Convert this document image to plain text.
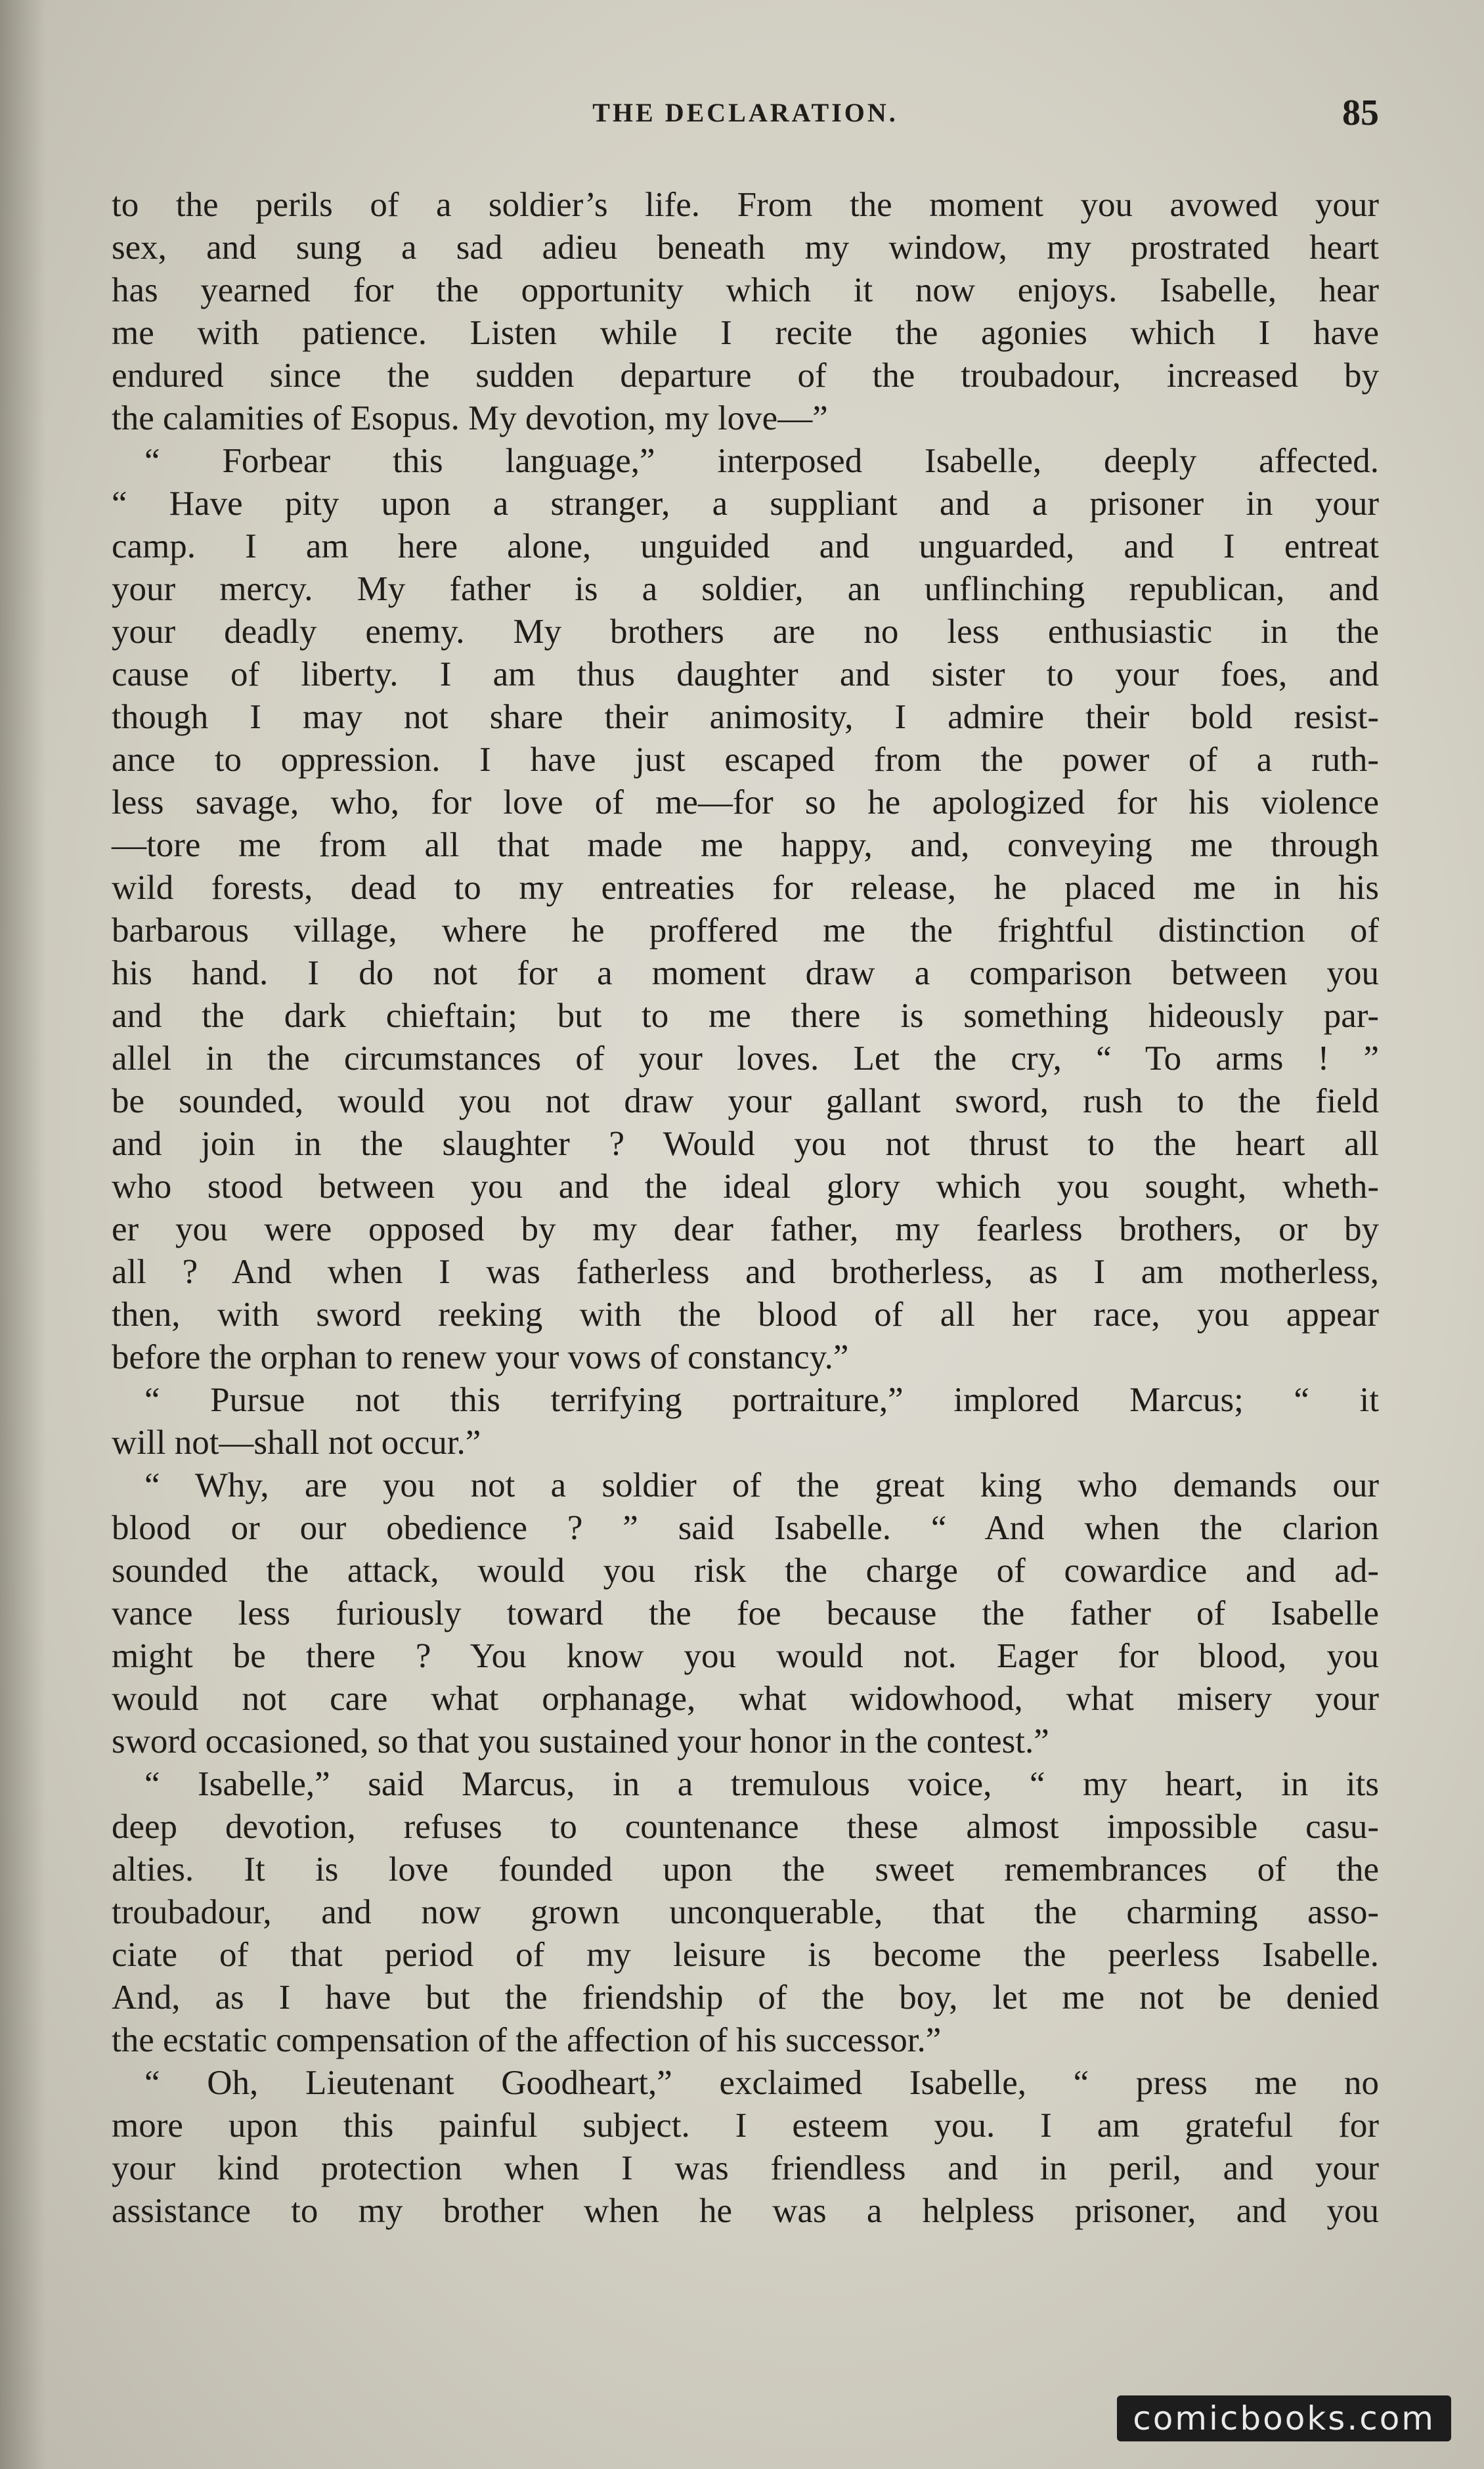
THE DECLARATION.	85

to the perils of a soldier’s life. From the moment you avowed your
sex, and sung a sad adieu beneath my window, my prostrated heart
has yearned for the opportunity which it now enjoys. Isabelle, hear
me with patience. Listen while I recite the agonies which I have
endured since the sudden departure of the troubadour, increased by
the calamities of Esopus. My devotion, my love—”

“ Forbear this language,” interposed Isabelle, deeply affected.
“ Have pity upon a stranger, a suppliant and a prisoner in your
camp. I am here alone, unguided and unguarded, and I entreat
your mercy. My father is a soldier, an unflinching republican, and
your deadly enemy. My brothers are no less enthusiastic in the
cause of liberty. I am thus daughter and sister to your foes, and
though I may not share their animosity, I admire their bold resist-
ance to oppression. I have just escaped from the power of a ruth-
less savage, who, for love of me—for so he apologized for his violence
—tore me from all that made me happy, and, conveying me through
wild forests, dead to my entreaties for release, he placed me in his
barbarous village, where he proffered me the frightful distinction of
his hand. I do not for a moment draw a comparison between you
and the dark chieftain; but to me there is something hideously par-
allel in the circumstances of your loves. Let the cry, “ To arms ! ”
be sounded, would you not draw your gallant sword, rush to the field
and join in the slaughter ? Would you not thrust to the heart all
who stood between you and the ideal glory which you sought, wheth-
er you were opposed by my dear father, my fearless brothers, or by
all ? And when I was fatherless and brotherless, as I am motherless,
then, with sword reeking with the blood of all her race, you appear
before the orphan to renew your vows of constancy.”

“ Pursue not this terrifying portraiture,” implored Marcus; “ it
will not—shall not occur.”

“ Why, are you not a soldier of the great king who demands our
blood or our obedience ? ” said Isabelle. “ And when the clarion
sounded the attack, would you risk the charge of cowardice and ad-
vance less furiously toward the foe because the father of Isabelle
might be there ? You know you would not. Eager for blood, you
would not care what orphanage, what widowhood, what misery your
sword occasioned, so that you sustained your honor in the contest.”

“ Isabelle,” said Marcus, in a tremulous voice, “ my heart, in its
deep devotion, refuses to countenance these almost impossible casu-
alties. It is love founded upon the sweet remembrances of the
troubadour, and now grown unconquerable, that the charming asso-
ciate of that period of my leisure is become the peerless Isabelle.
And, as I have but the friendship of the boy, let me not be denied
the ecstatic compensation of the affection of his successor.”

“ Oh, Lieutenant Goodheart,” exclaimed Isabelle, “ press me no
more upon this painful subject. I esteem you. I am grateful for
your kind protection when I was friendless and in peril, and your
assistance to my brother when he was a helpless prisoner, and you

comicbooks.com
